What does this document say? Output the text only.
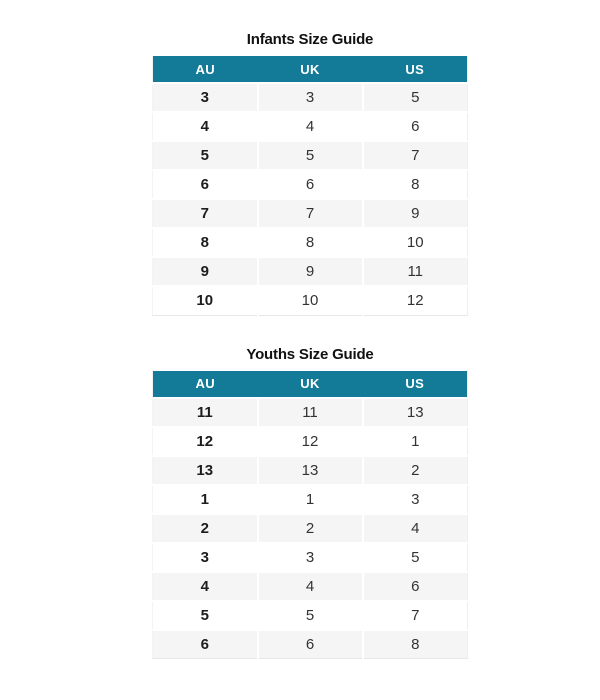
Infants Size Guide
AU	UK	US
3	3	5
4	4	6
5	5	7
6	6	8
7	7	9
8	8	10
9	9	11
10	10	12
Youths Size Guide
AU	UK	US
11	11	13
12	12	1
13	13	2
1	1	3
2	2	4
3	3	5
4	4	6
5	5	7
6	6	8
